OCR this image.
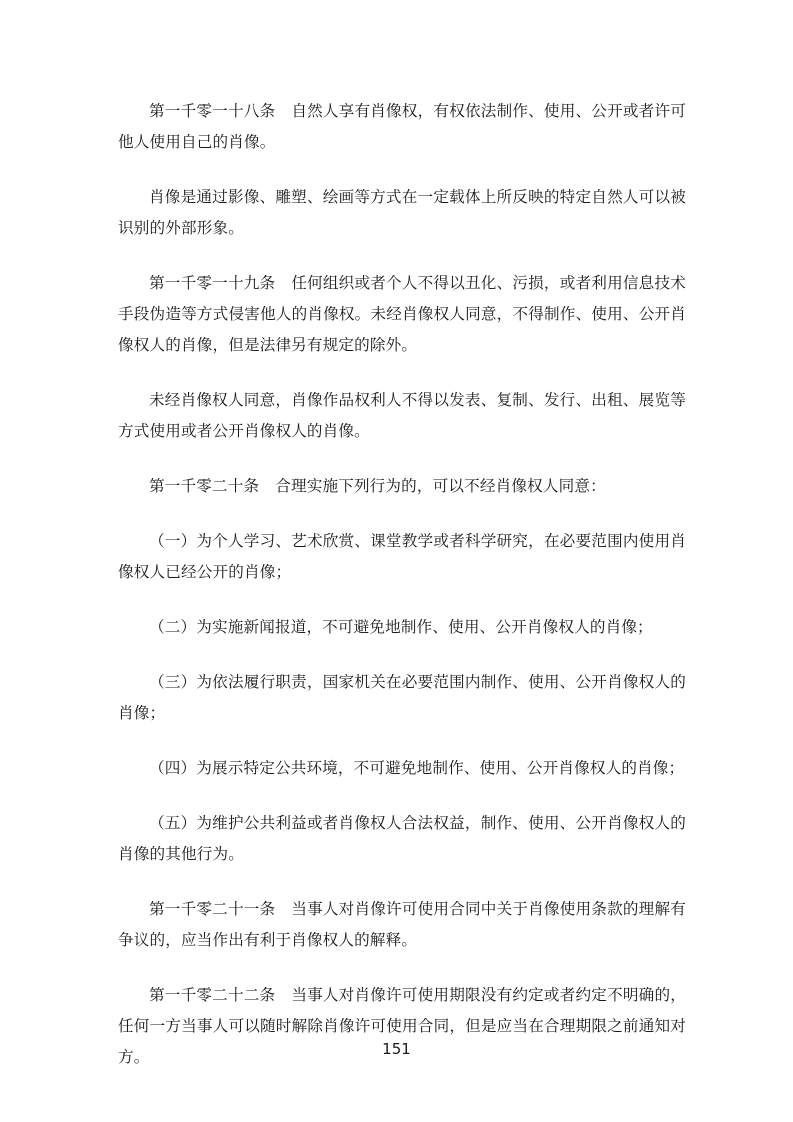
第一千零一十八条 自然人享有肖像权，有权依法制作、使用、公开或者许可他人使用自己的肖像。

肖像是通过影像、雕塑、绘画等方式在一定载体上所反映的特定自然人可以被识别的外部形象。

第一千零一十九条 任何组织或者个人不得以丑化、污损，或者利用信息技术手段伪造等方式侵害他人的肖像权。未经肖像权人同意，不得制作、使用、公开肖像权人的肖像，但是法律另有规定的除外。

未经肖像权人同意，肖像作品权利人不得以发表、复制、发行、出租、展览等方式使用或者公开肖像权人的肖像。

第一千零二十条 合理实施下列行为的，可以不经肖像权人同意：

（一）为个人学习、艺术欣赏、课堂教学或者科学研究，在必要范围内使用肖像权人已经公开的肖像；

（二）为实施新闻报道，不可避免地制作、使用、公开肖像权人的肖像；

（三）为依法履行职责，国家机关在必要范围内制作、使用、公开肖像权人的肖像；

（四）为展示特定公共环境，不可避免地制作、使用、公开肖像权人的肖像；

（五）为维护公共利益或者肖像权人合法权益，制作、使用、公开肖像权人的肖像的其他行为。

第一千零二十一条 当事人对肖像许可使用合同中关于肖像使用条款的理解有争议的，应当作出有利于肖像权人的解释。

第一千零二十二条 当事人对肖像许可使用期限没有约定或者约定不明确的，任何一方当事人可以随时解除肖像许可使用合同，但是应当在合理期限之前通知对方。	151
